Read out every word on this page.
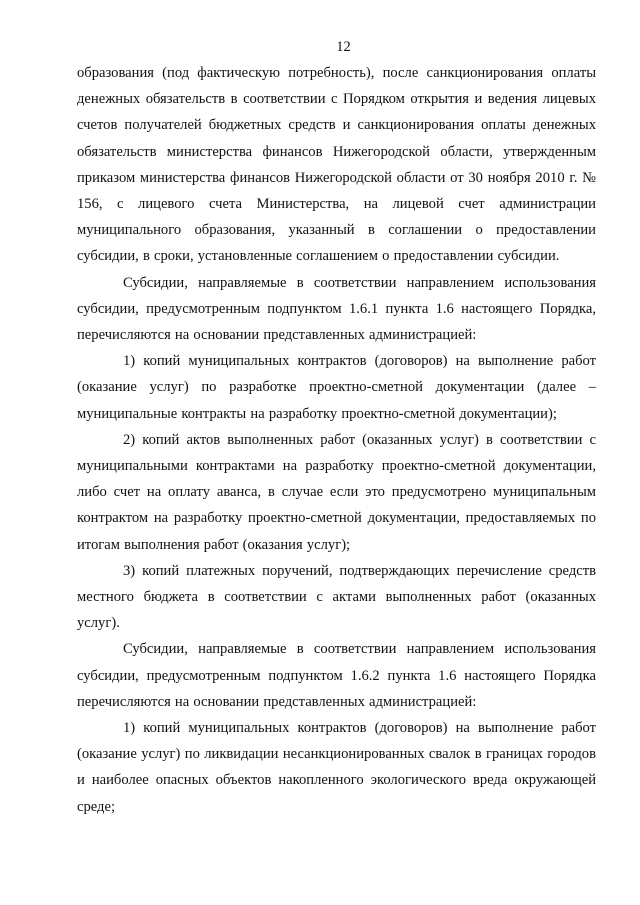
12

образования (под фактическую потребность), после санкционирования оплаты денежных обязательств в соответствии с Порядком открытия и ведения лицевых счетов получателей бюджетных средств и санкционирования оплаты денежных обязательств министерства финансов Нижегородской области, утвержденным приказом министерства финансов Нижегородской области от 30 ноября 2010 г. № 156, с лицевого счета Министерства, на лицевой счет администрации муниципального образования, указанный в соглашении о предоставлении субсидии, в сроки, установленные соглашением о предоставлении субсидии.

Субсидии, направляемые в соответствии направлением использования субсидии, предусмотренным подпунктом 1.6.1 пункта 1.6 настоящего Порядка, перечисляются на основании представленных администрацией:

1) копий муниципальных контрактов (договоров) на выполнение работ (оказание услуг) по разработке проектно-сметной документации (далее – муниципальные контракты на разработку проектно-сметной документации);

2) копий актов выполненных работ (оказанных услуг) в соответствии с муниципальными контрактами на разработку проектно-сметной документации, либо счет на оплату аванса, в случае если это предусмотрено муниципальным контрактом на разработку проектно-сметной документации, предоставляемых по итогам выполнения работ (оказания услуг);

3) копий платежных поручений, подтверждающих перечисление средств местного бюджета в соответствии с актами выполненных работ (оказанных услуг).

Субсидии, направляемые в соответствии направлением использования субсидии, предусмотренным подпунктом 1.6.2 пункта 1.6 настоящего Порядка перечисляются на основании представленных администрацией:

1) копий муниципальных контрактов (договоров) на выполнение работ (оказание услуг) по ликвидации несанкционированных свалок в границах городов и наиболее опасных объектов накопленного экологического вреда окружающей среде;
